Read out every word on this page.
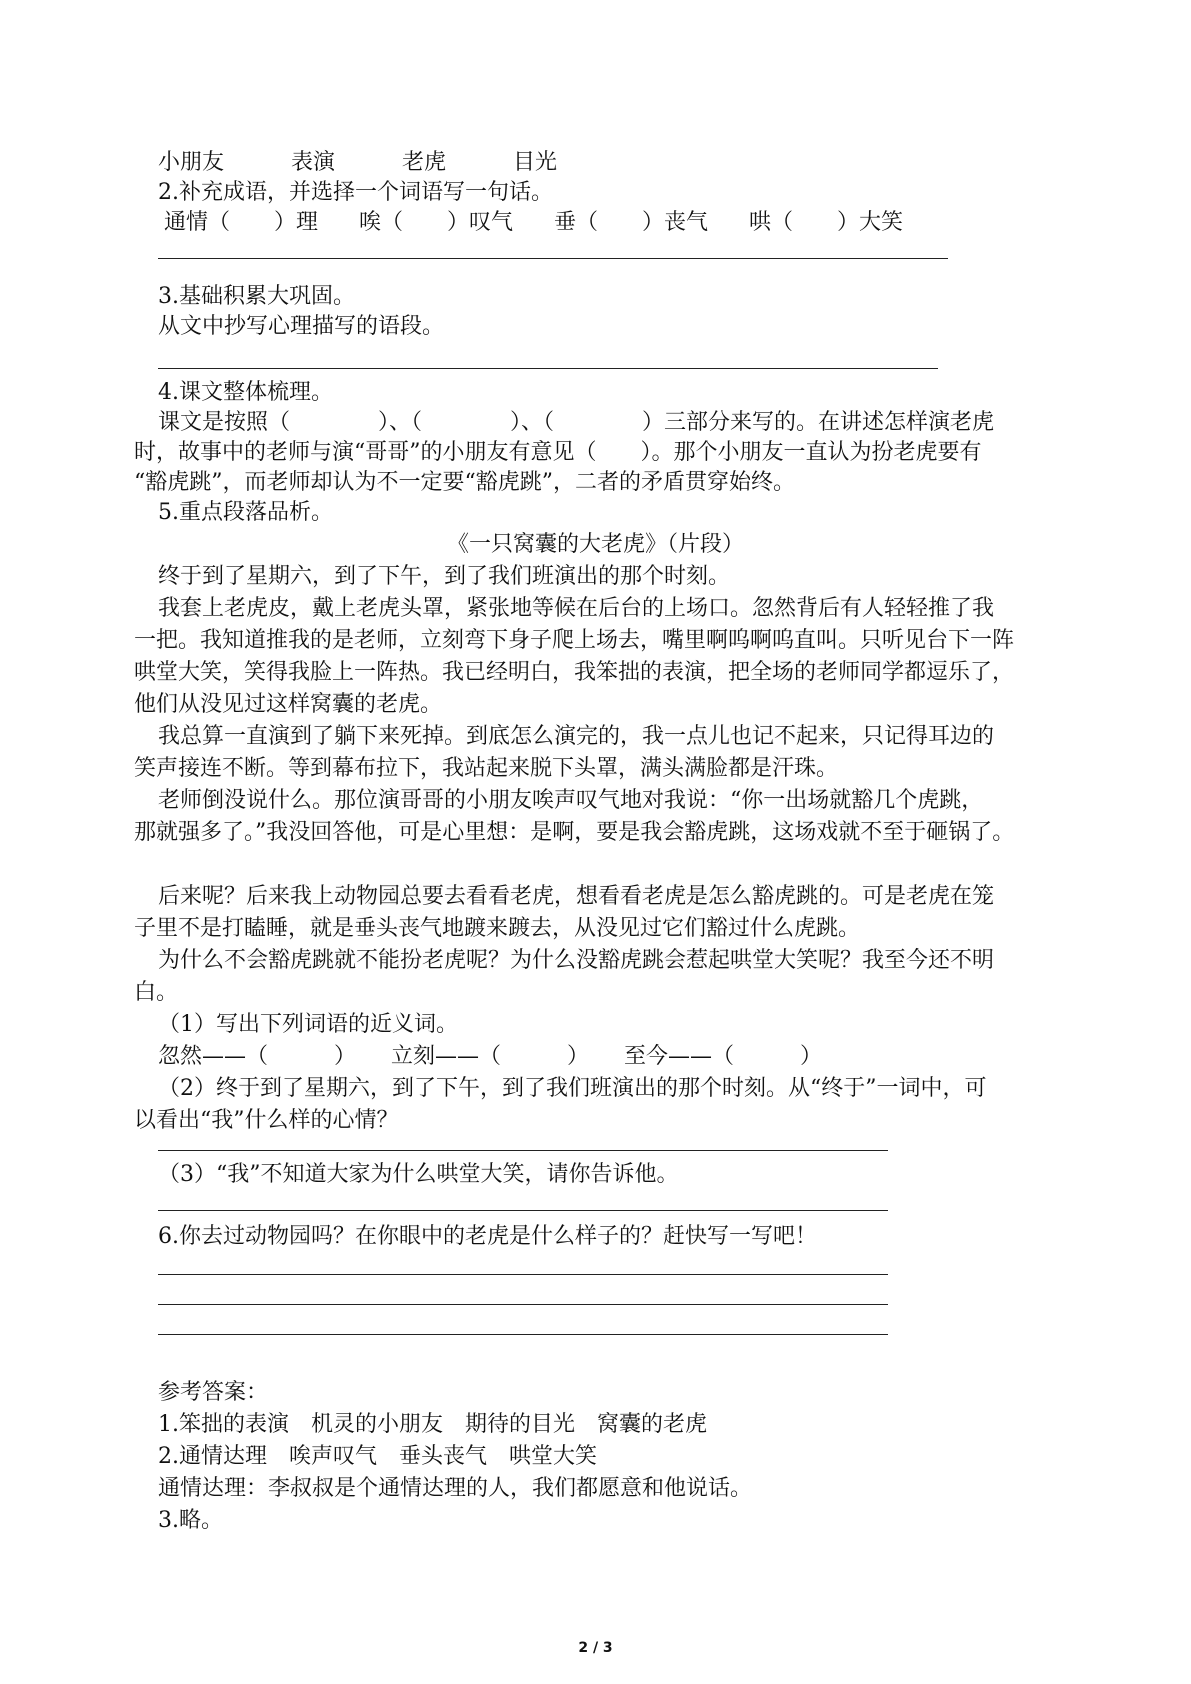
小朋友	表演	老虎	目光
2.补充成语，并选择一个词语写一句话。
通情（　　）理 唉（　　）叹气 垂（　　）丧气 哄（　　）大笑
3.基础积累大巩固。
从文中抄写心理描写的语段。
4.课文整体梳理。
课文是按照（　　　　）、（　　　　）、（　　　　）三部分来写的。在讲述怎样演老虎
时，故事中的老师与演“哥哥”的小朋友有意见（　　）。那个小朋友一直认为扮老虎要有
“豁虎跳”，而老师却认为不一定要“豁虎跳”，二者的矛盾贯穿始终。
5.重点段落品析。
《一只窝囊的大老虎》（片段）
终于到了星期六，到了下午，到了我们班演出的那个时刻。
我套上老虎皮，戴上老虎头罩，紧张地等候在后台的上场口。忽然背后有人轻轻推了我
一把。我知道推我的是老师，立刻弯下身子爬上场去，嘴里啊呜啊呜直叫。只听见台下一阵
哄堂大笑，笑得我脸上一阵热。我已经明白，我笨拙的表演，把全场的老师同学都逗乐了，
他们从没见过这样窝囊的老虎。
我总算一直演到了躺下来死掉。到底怎么演完的，我一点儿也记不起来，只记得耳边的
笑声接连不断。等到幕布拉下，我站起来脱下头罩，满头满脸都是汗珠。
老师倒没说什么。那位演哥哥的小朋友唉声叹气地对我说：“你一出场就豁几个虎跳，
那就强多了。”我没回答他，可是心里想：是啊，要是我会豁虎跳，这场戏就不至于砸锅了。
后来呢？后来我上动物园总要去看看老虎，想看看老虎是怎么豁虎跳的。可是老虎在笼
子里不是打瞌睡，就是垂头丧气地踱来踱去，从没见过它们豁过什么虎跳。
为什么不会豁虎跳就不能扮老虎呢？为什么没豁虎跳会惹起哄堂大笑呢？我至今还不明
白。
（1）写出下列词语的近义词。
忽然——（　　　） 立刻——（　　　） 至今——（　　　）
（2）终于到了星期六，到了下午，到了我们班演出的那个时刻。从“终于”一词中，可
以看出“我”什么样的心情？
（3）“我”不知道大家为什么哄堂大笑，请你告诉他。
6.你去过动物园吗？在你眼中的老虎是什么样子的？赶快写一写吧！
参考答案：
1.笨拙的表演　机灵的小朋友　期待的目光　窝囊的老虎
2.通情达理　唉声叹气　垂头丧气　哄堂大笑
通情达理：李叔叔是个通情达理的人，我们都愿意和他说话。
3.略。
2 / 3
